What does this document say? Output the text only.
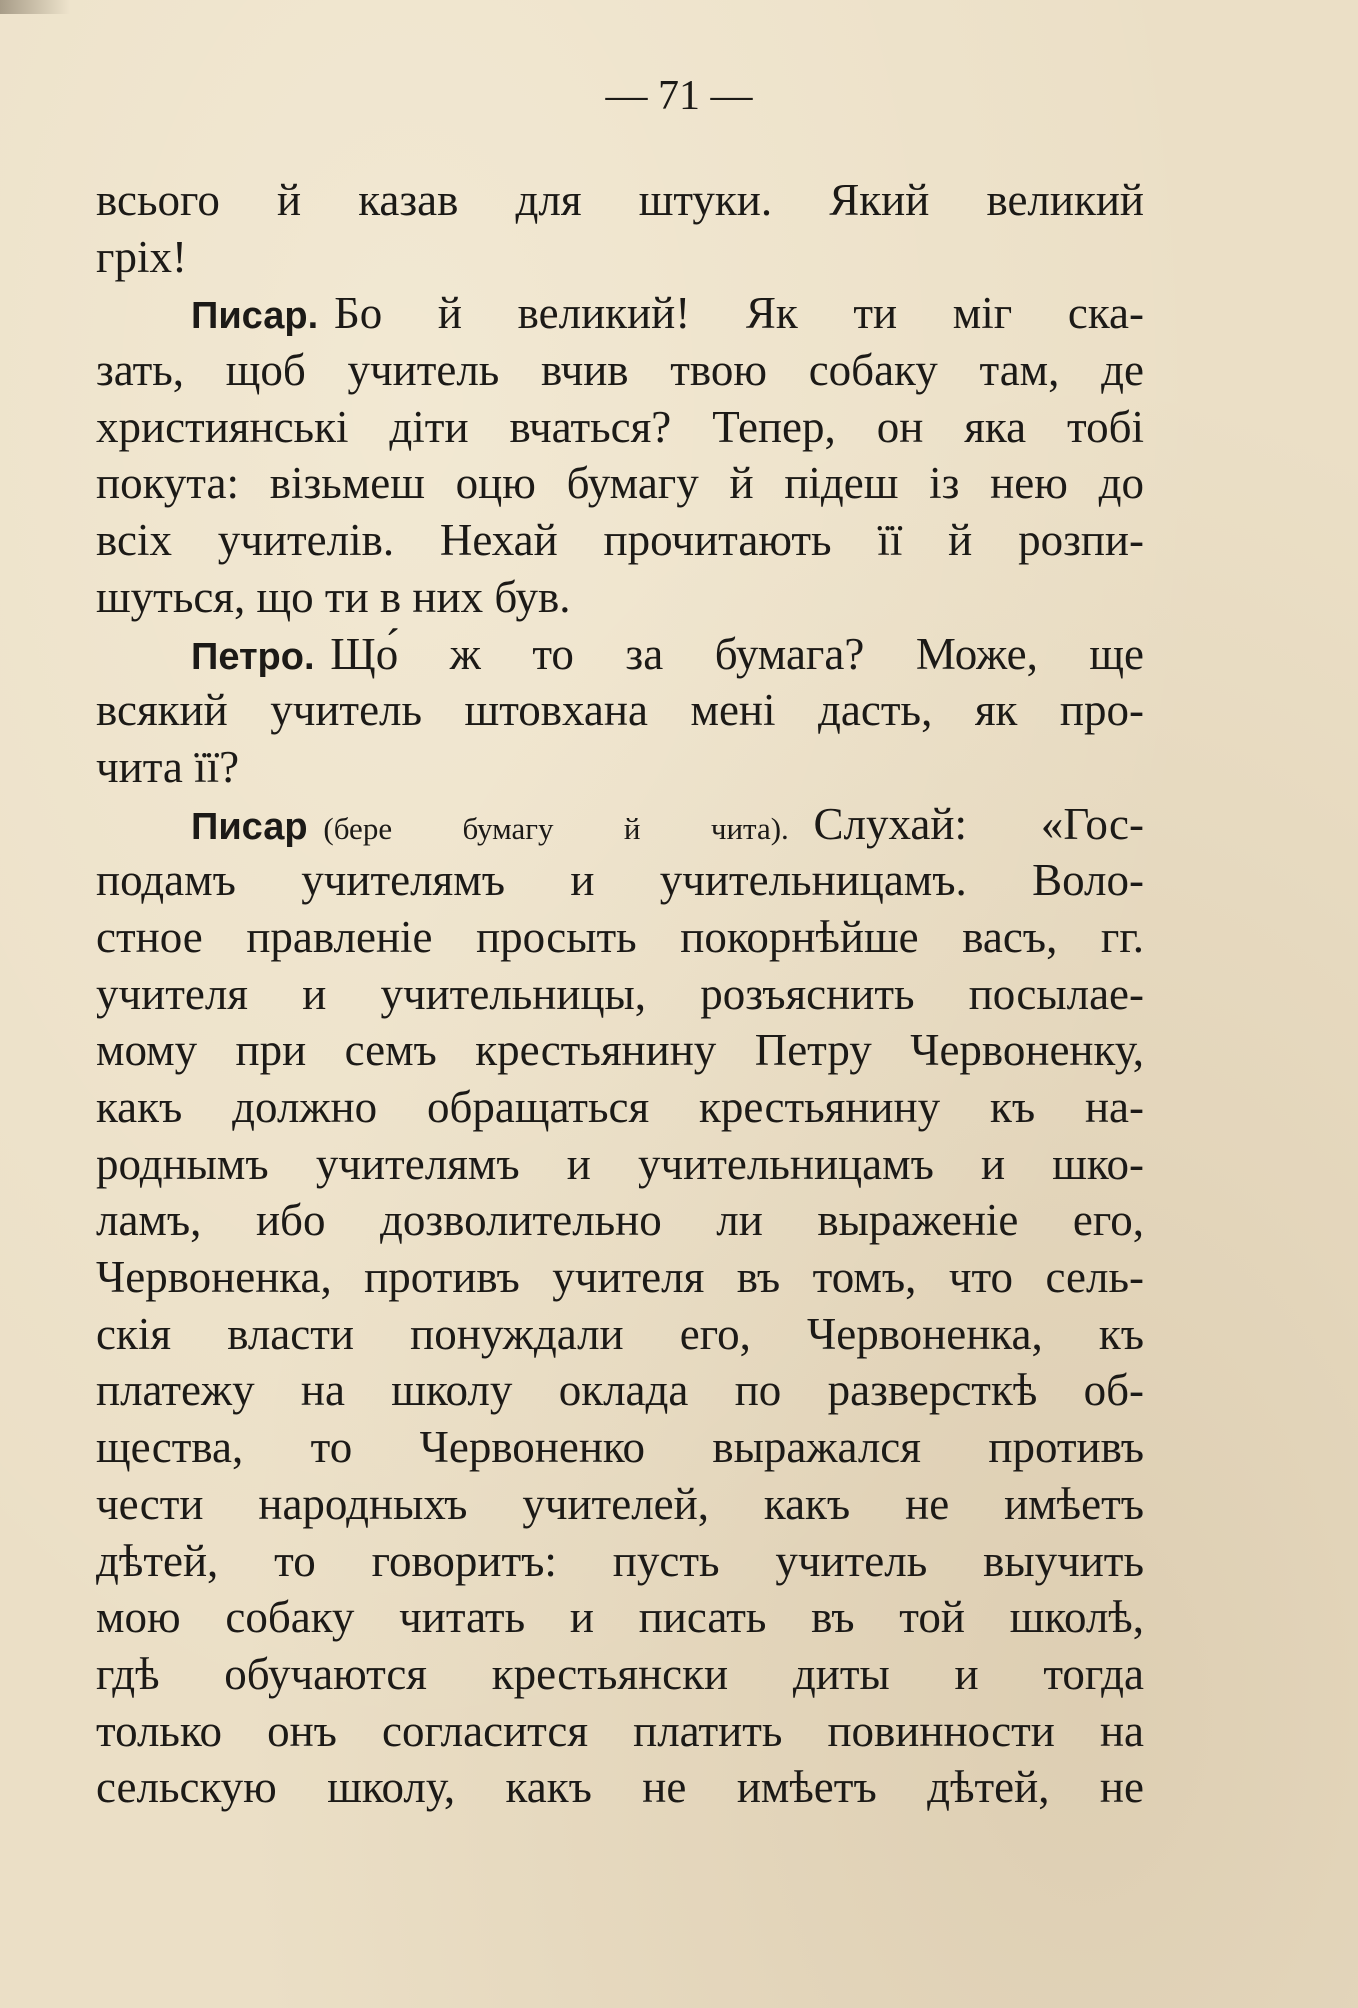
— 71 —
всього й казав для штуки. Який великий
гріх!
Писар. Бо й великий! Як ти міг ска-
зать, щоб учитель вчив твою собаку там, де
християнські діти вчаться? Тепер, он яка тобі
покута: візьмеш оцю бумагу й підеш із нею до
всіх учителів. Нехай прочитають її й розпи-
шуться, що ти в них був.
Петро. Що́ ж то за бумага? Може, ще
всякий учитель штовхана мені дасть, як про-
чита її?
Писар (бере бумагу й чита). Слухай: «Гос-
подамъ учителямъ и учительницамъ. Воло-
стное правленіе просыть покорнѣйше васъ, гг.
учителя и учительницы, розъяснить посылае-
мому при семъ крестьянину Петру Червоненку,
какъ должно обращаться крестьянину къ на-
роднымъ учителямъ и учительницамъ и шко-
ламъ, ибо дозволительно ли выраженіе его,
Червоненка, противъ учителя въ томъ, что сель-
скія власти понуждали его, Червоненка, къ
платежу на школу оклада по разверсткѣ об-
щества, то Червоненко выражался противъ
чести народныхъ учителей, какъ не имѣетъ
дѣтей, то говоритъ: пусть учитель выучить
мою собаку читать и писать въ той школѣ,
гдѣ обучаются крестьянски диты и тогда
только онъ согласится платить повинности на
сельскую школу, какъ не имѣетъ дѣтей, не
